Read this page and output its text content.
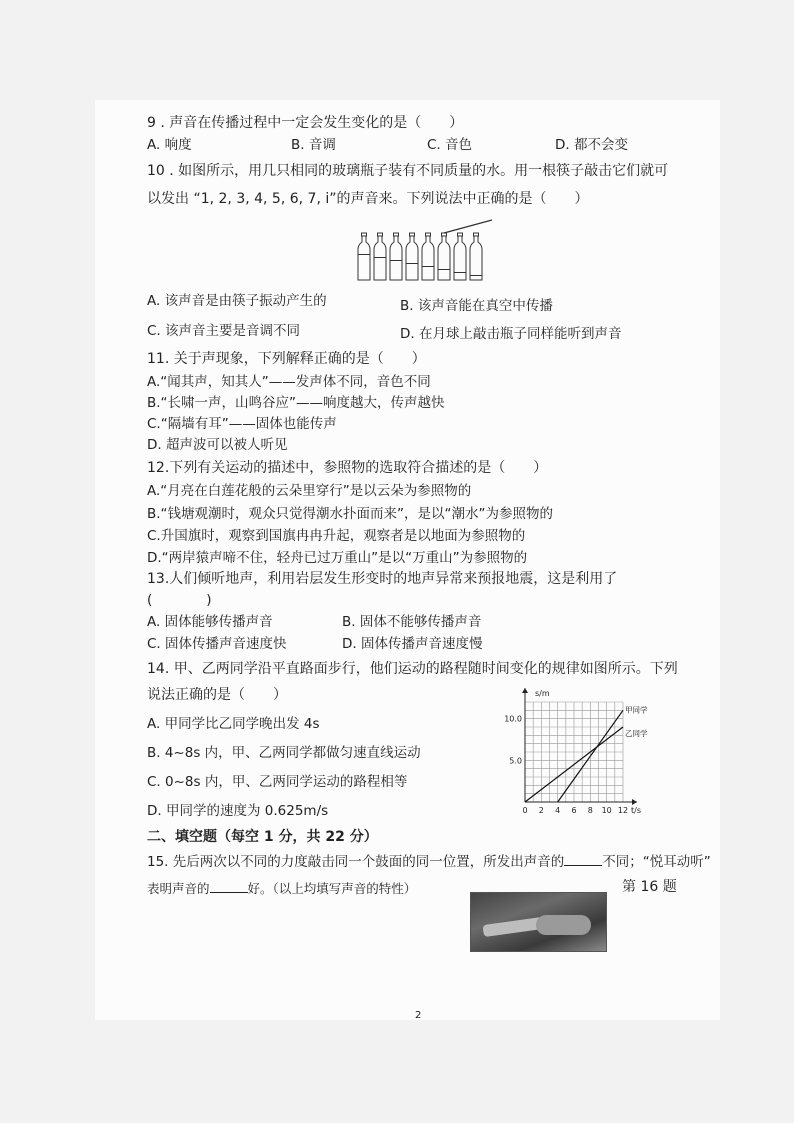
9 . 声音在传播过程中一定会发生变化的是（　　）
A. 响度	B. 音调	C. 音色	D. 都不会变
10 . 如图所示，用几只相同的玻璃瓶子装有不同质量的水。用一根筷子敲击它们就可
以发出 “1, 2, 3, 4, 5, 6, 7, i”的声音来。下列说法中正确的是（　　）
A. 该声音是由筷子振动产生的	B. 该声音能在真空中传播
C. 该声音主要是音调不同	D. 在月球上敲击瓶子同样能听到声音
11. 关于声现象，下列解释正确的是（　　）
A.“闻其声，知其人”——发声体不同，音色不同
B.“长啸一声，山鸣谷应”——响度越大，传声越快
C.“隔墙有耳”——固体也能传声
D. 超声波可以被人听见
12.下列有关运动的描述中，参照物的选取符合描述的是（　　）
A.“月亮在白莲花般的云朵里穿行”是以云朵为参照物的
B.“钱塘观潮时，观众只觉得潮水扑面而来”，是以“潮水”为参照物的
C.升国旗时，观察到国旗冉冉升起，观察者是以地面为参照物的
D.“两岸猿声啼不住，轻舟已过万重山”是以“万重山”为参照物的
13.人们倾听地声，利用岩层发生形变时的地声异常来预报地震，这是利用了
(　　　　)
A. 固体能够传播声音	B. 固体不能够传播声音
C. 固体传播声音速度快	D. 固体传播声音速度慢
14. 甲、乙两同学沿平直路面步行，他们运动的路程随时间变化的规律如图所示。下列
说法正确的是（　　）
A. 甲同学比乙同学晚出发 4s
B. 4~8s 内，甲、乙两同学都做匀速直线运动
C. 0~8s 内，甲、乙两同学运动的路程相等
D. 甲同学的速度为 0.625m/s
s/m
t/s
0 2 4 6 8 10 12
5.0
10.0
甲同学
乙同学
二、填空题（每空 1 分，共 22 分）
15. 先后两次以不同的力度敲击同一个鼓面的同一位置，所发出声音的	不同；“悦耳动听”
表明声音的	好。（以上均填写声音的特性）	第 16 题
2
